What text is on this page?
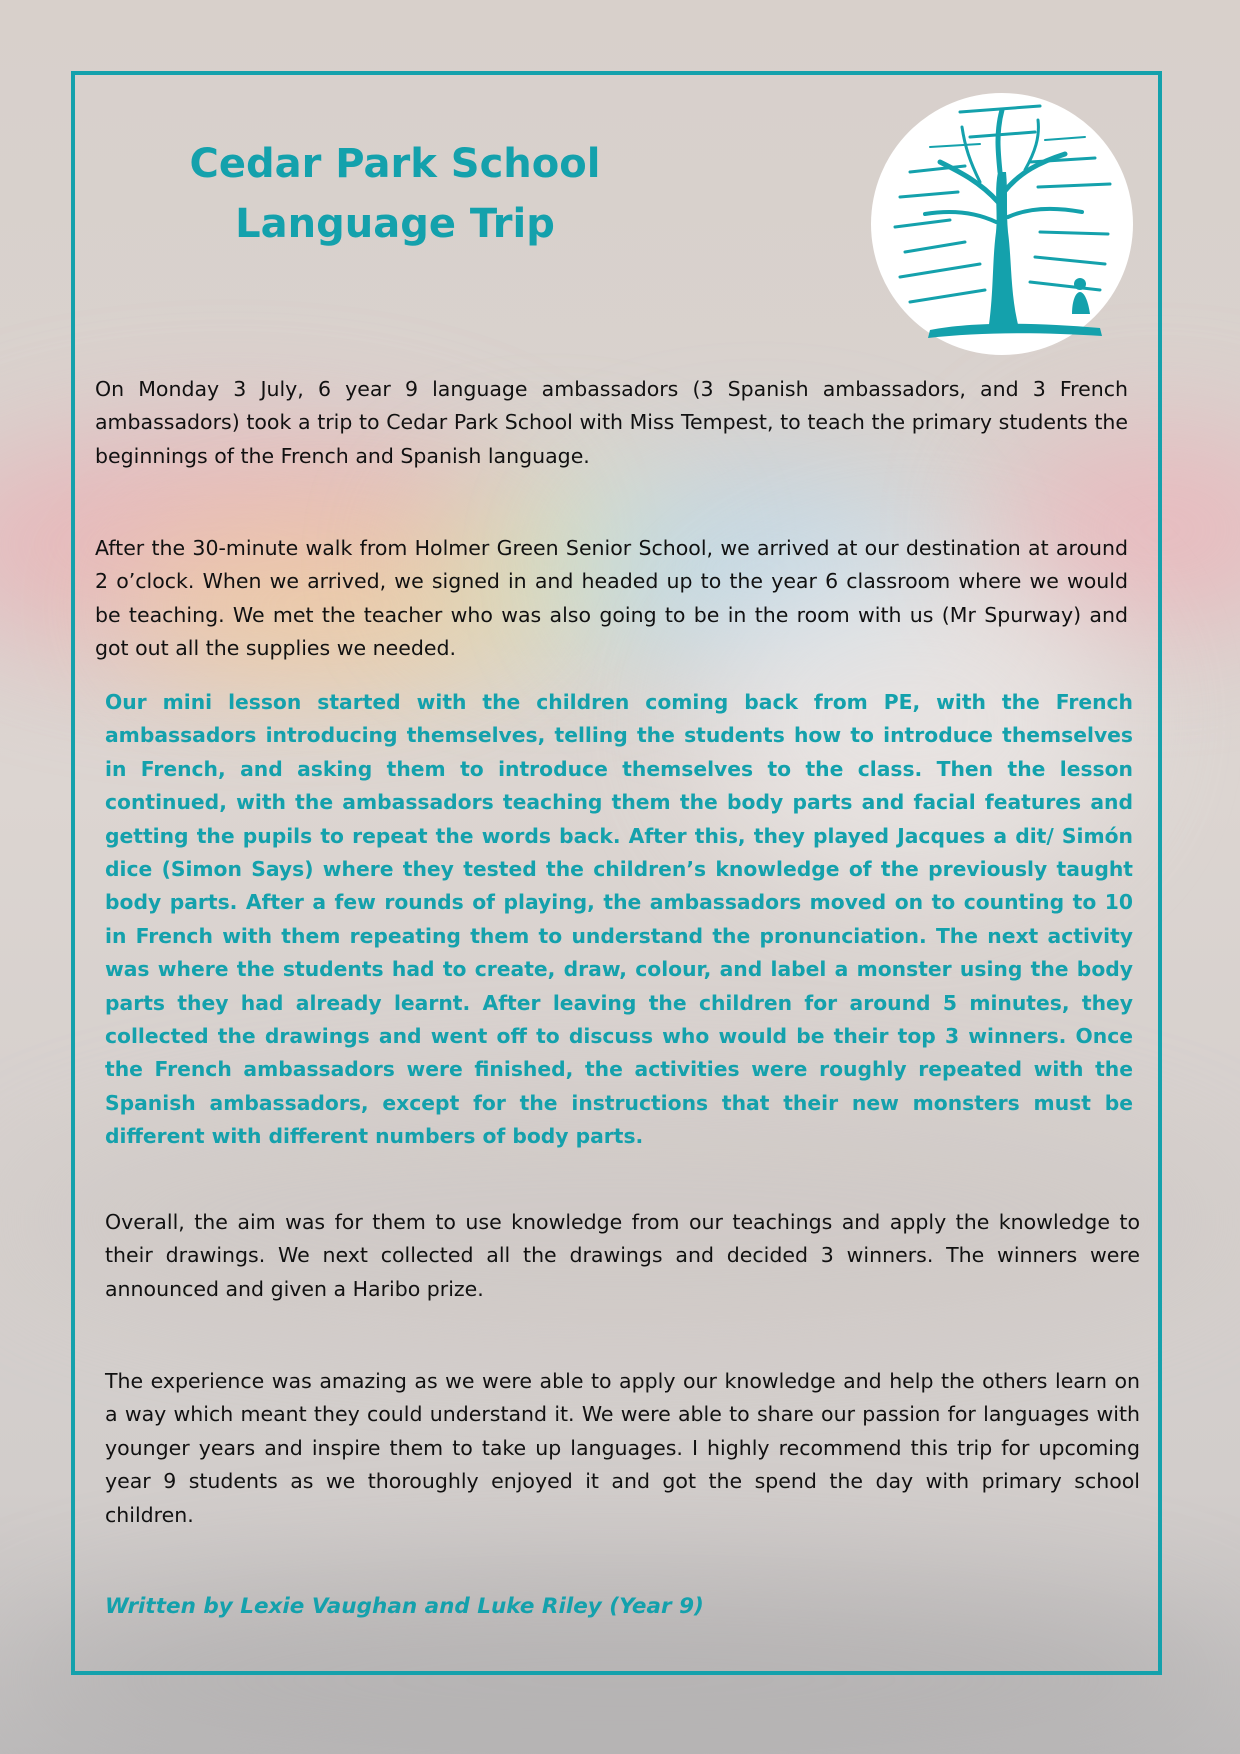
Cedar Park School
Language Trip

On Monday 3 July, 6 year 9 language ambassadors (3 Spanish ambassadors, and 3 French ambassadors) took a trip to Cedar Park School with Miss Tempest, to teach the primary students the beginnings of the French and Spanish language.

After the 30-minute walk from Holmer Green Senior School, we arrived at our destination at around 2 o’clock. When we arrived, we signed in and headed up to the year 6 classroom where we would be teaching. We met the teacher who was also going to be in the room with us (Mr Spurway) and got out all the supplies we needed.

Our mini lesson started with the children coming back from PE, with the French ambassadors introducing themselves, telling the students how to introduce themselves in French, and asking them to introduce themselves to the class. Then the lesson continued, with the ambassadors teaching them the body parts and facial features and getting the pupils to repeat the words back. After this, they played Jacques a dit/ Simón dice (Simon Says) where they tested the children’s knowledge of the previously taught body parts. After a few rounds of playing, the ambassadors moved on to counting to 10 in French with them repeating them to understand the pronunciation. The next activity was where the students had to create, draw, colour, and label a monster using the body parts they had already learnt. After leaving the children for around 5 minutes, they collected the drawings and went off to discuss who would be their top 3 winners. Once the French ambassadors were finished, the activities were roughly repeated with the Spanish ambassadors, except for the instructions that their new monsters must be different with different numbers of body parts.

Overall, the aim was for them to use knowledge from our teachings and apply the knowledge to their drawings. We next collected all the drawings and decided 3 winners. The winners were announced and given a Haribo prize.

The experience was amazing as we were able to apply our knowledge and help the others learn on a way which meant they could understand it. We were able to share our passion for languages with younger years and inspire them to take up languages. I highly recommend this trip for upcoming year 9 students as we thoroughly enjoyed it and got the spend the day with primary school children.

Written by Lexie Vaughan and Luke Riley (Year 9)
